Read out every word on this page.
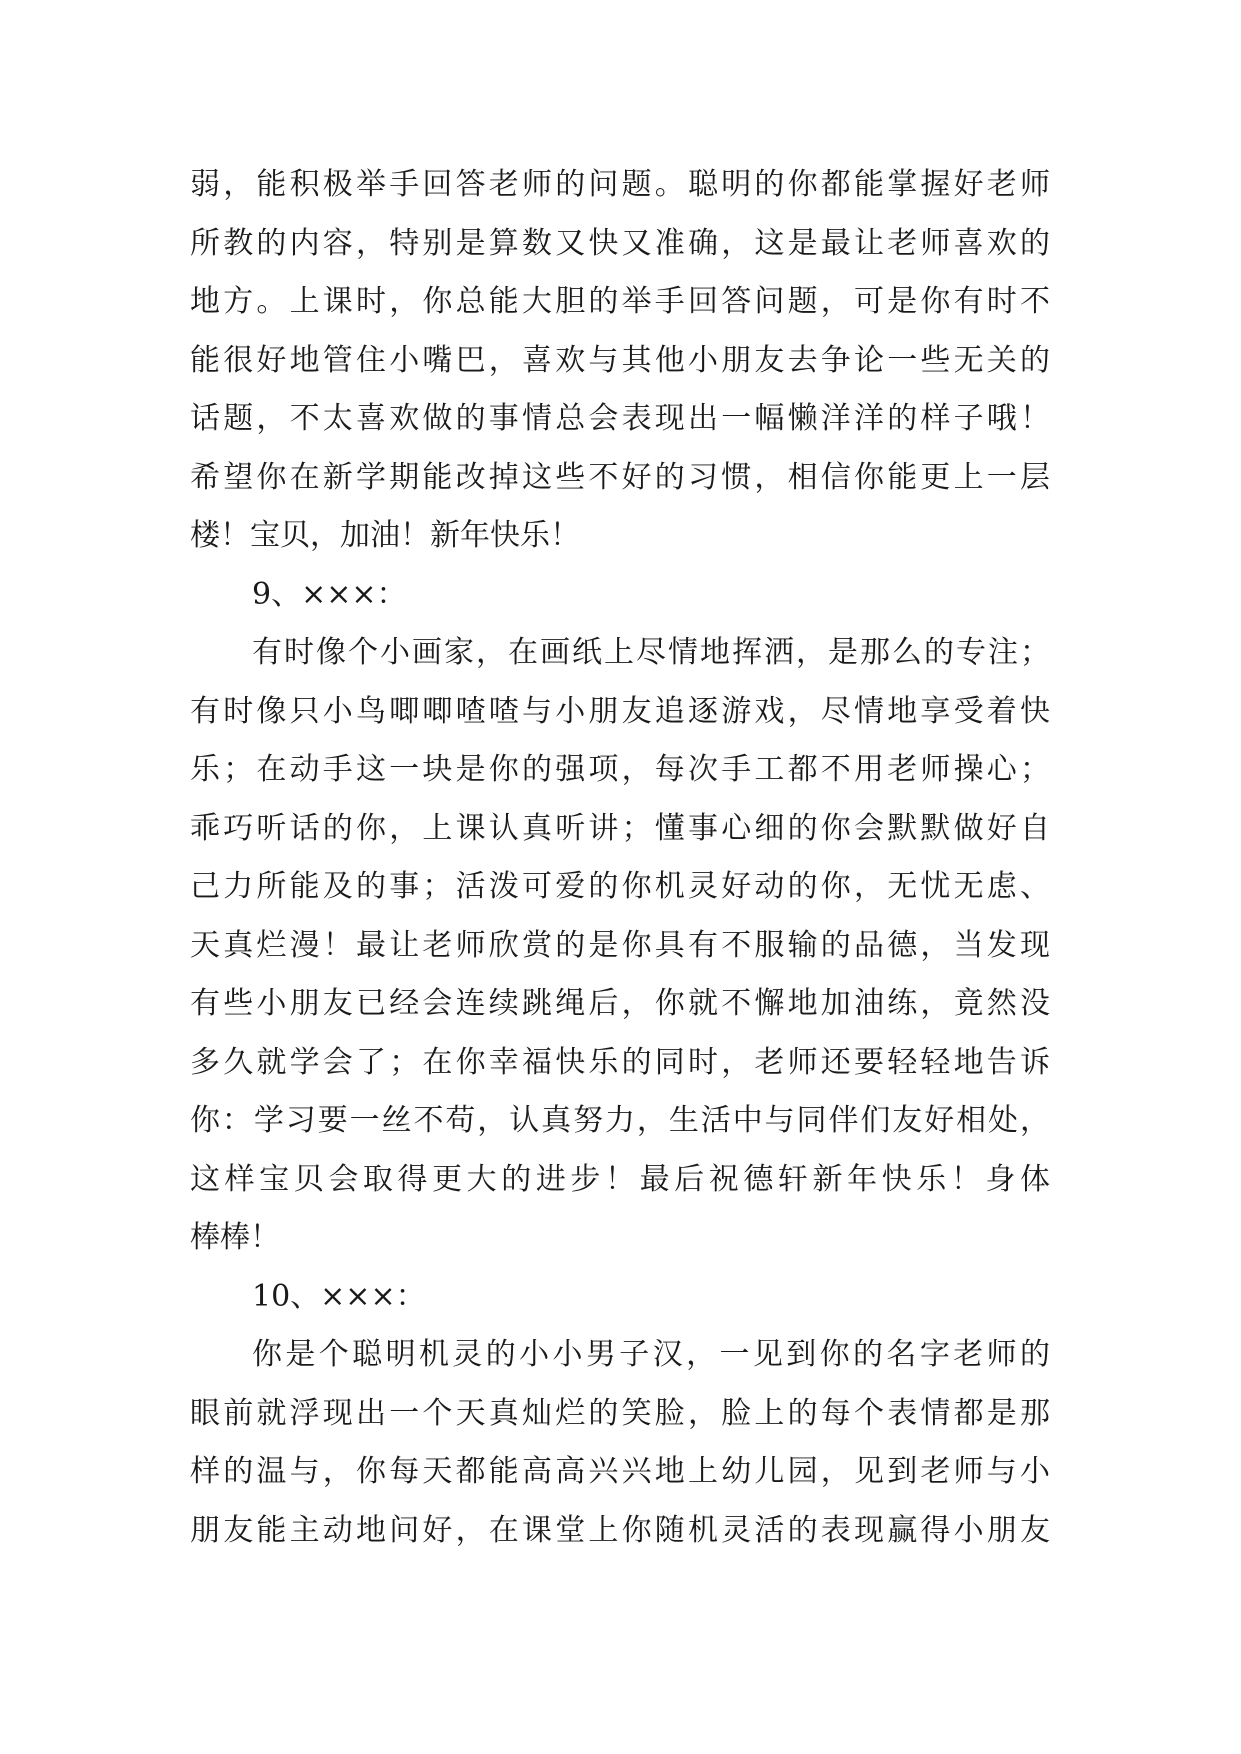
弱，能积极举手回答老师的问题。聪明的你都能掌握好老师
所教的内容，特别是算数又快又准确，这是最让老师喜欢的
地方。上课时，你总能大胆的举手回答问题，可是你有时不
能很好地管住小嘴巴，喜欢与其他小朋友去争论一些无关的
话题，不太喜欢做的事情总会表现出一幅懒洋洋的样子哦！
希望你在新学期能改掉这些不好的习惯，相信你能更上一层
楼！宝贝，加油！新年快乐！
9、×××：
有时像个小画家，在画纸上尽情地挥洒，是那么的专注；
有时像只小鸟唧唧喳喳与小朋友追逐游戏，尽情地享受着快
乐；在动手这一块是你的强项，每次手工都不用老师操心；
乖巧听话的你，上课认真听讲；懂事心细的你会默默做好自
己力所能及的事；活泼可爱的你机灵好动的你，无忧无虑、
天真烂漫！最让老师欣赏的是你具有不服输的品德，当发现
有些小朋友已经会连续跳绳后，你就不懈地加油练，竟然没
多久就学会了；在你幸福快乐的同时，老师还要轻轻地告诉
你：学习要一丝不苟，认真努力，生活中与同伴们友好相处，
这样宝贝会取得更大的进步！最后祝德轩新年快乐！身体
棒棒！
10、×××：
你是个聪明机灵的小小男子汉，一见到你的名字老师的
眼前就浮现出一个天真灿烂的笑脸，脸上的每个表情都是那
样的温与，你每天都能高高兴兴地上幼儿园，见到老师与小
朋友能主动地问好，在课堂上你随机灵活的表现赢得小朋友
